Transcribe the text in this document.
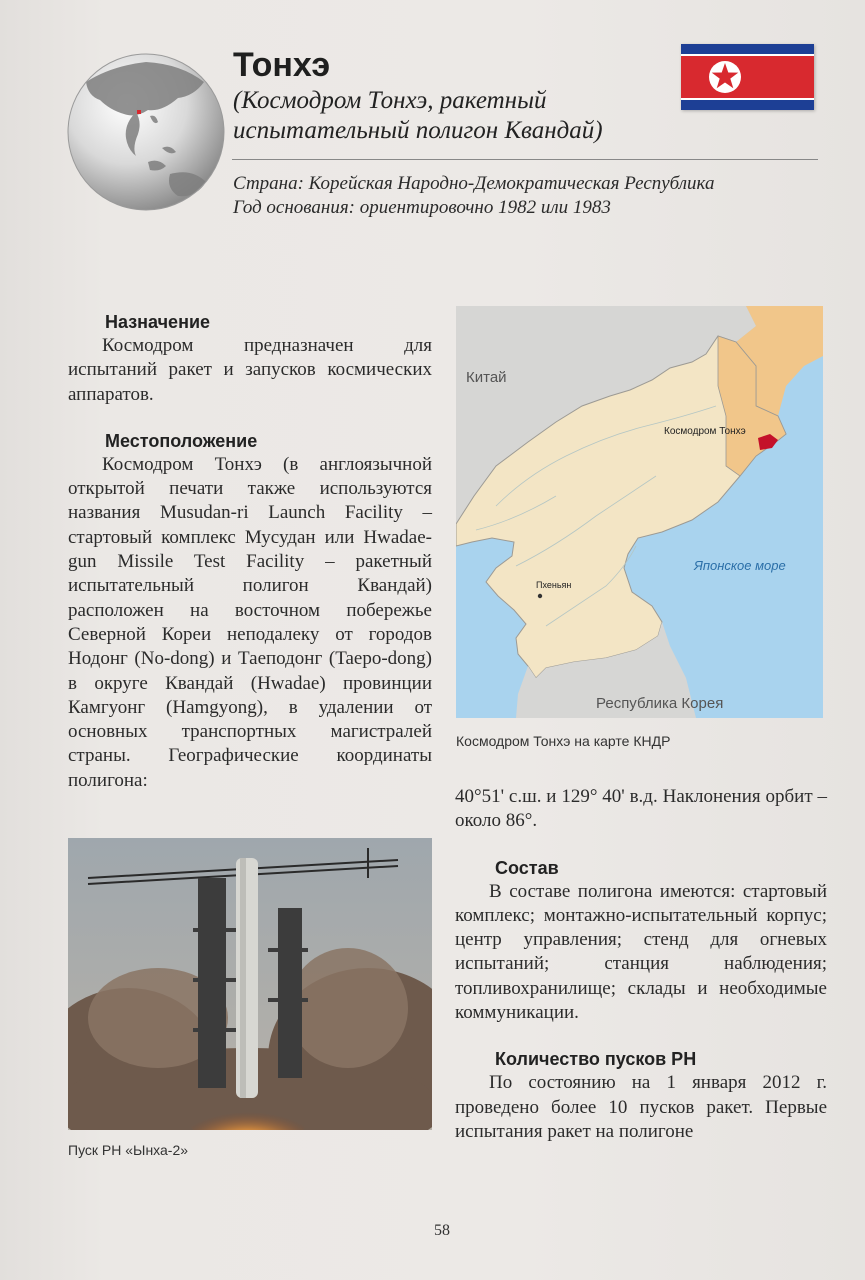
Тонхэ

(Космодром Тонхэ, ракетный испытательный полигон Квандай)

Страна: Корейская Народно-Демократическая Республика
Год основания: ориентировочно 1982 или 1983
Назначение

Космодром предназначен для испытаний ракет и запусков космических аппаратов.

Местоположение

Космодром Тонхэ (в англоязычной открытой печати также используются названия Musudan-ri Launch Facility – стартовый комплекс Мусудан или Hwadae-gun Missile Test Facility – ракетный испытательный полигон Квандай) расположен на восточном побережье Северной Кореи неподалеку от городов Нодонг (No-dong) и Таеподонг (Taepo-dong) в округе Квандай (Hwadae) провинции Камгуонг (Hamgyong), в удалении от основных транспортных магистралей страны. Географические координаты полигона:

Китай
Космодром Тонхэ
Японское море
Пхеньян
Республика Корея
Космодром Тонхэ на карте КНДР

40°51' с.ш. и 129° 40' в.д. Наклонения орбит – около 86°.

Состав

В составе полигона имеются: стартовый комплекс; монтажно-испытательный корпус; центр управления; стенд для огневых испытаний; станция наблюдения; топливохранилище; склады и необходимые коммуникации.

Количество пусков РН

По состоянию на 1 января 2012 г. проведено более 10 пусков ракет. Первые испытания ракет на полигоне

Пуск РН «Ынха-2»
58
